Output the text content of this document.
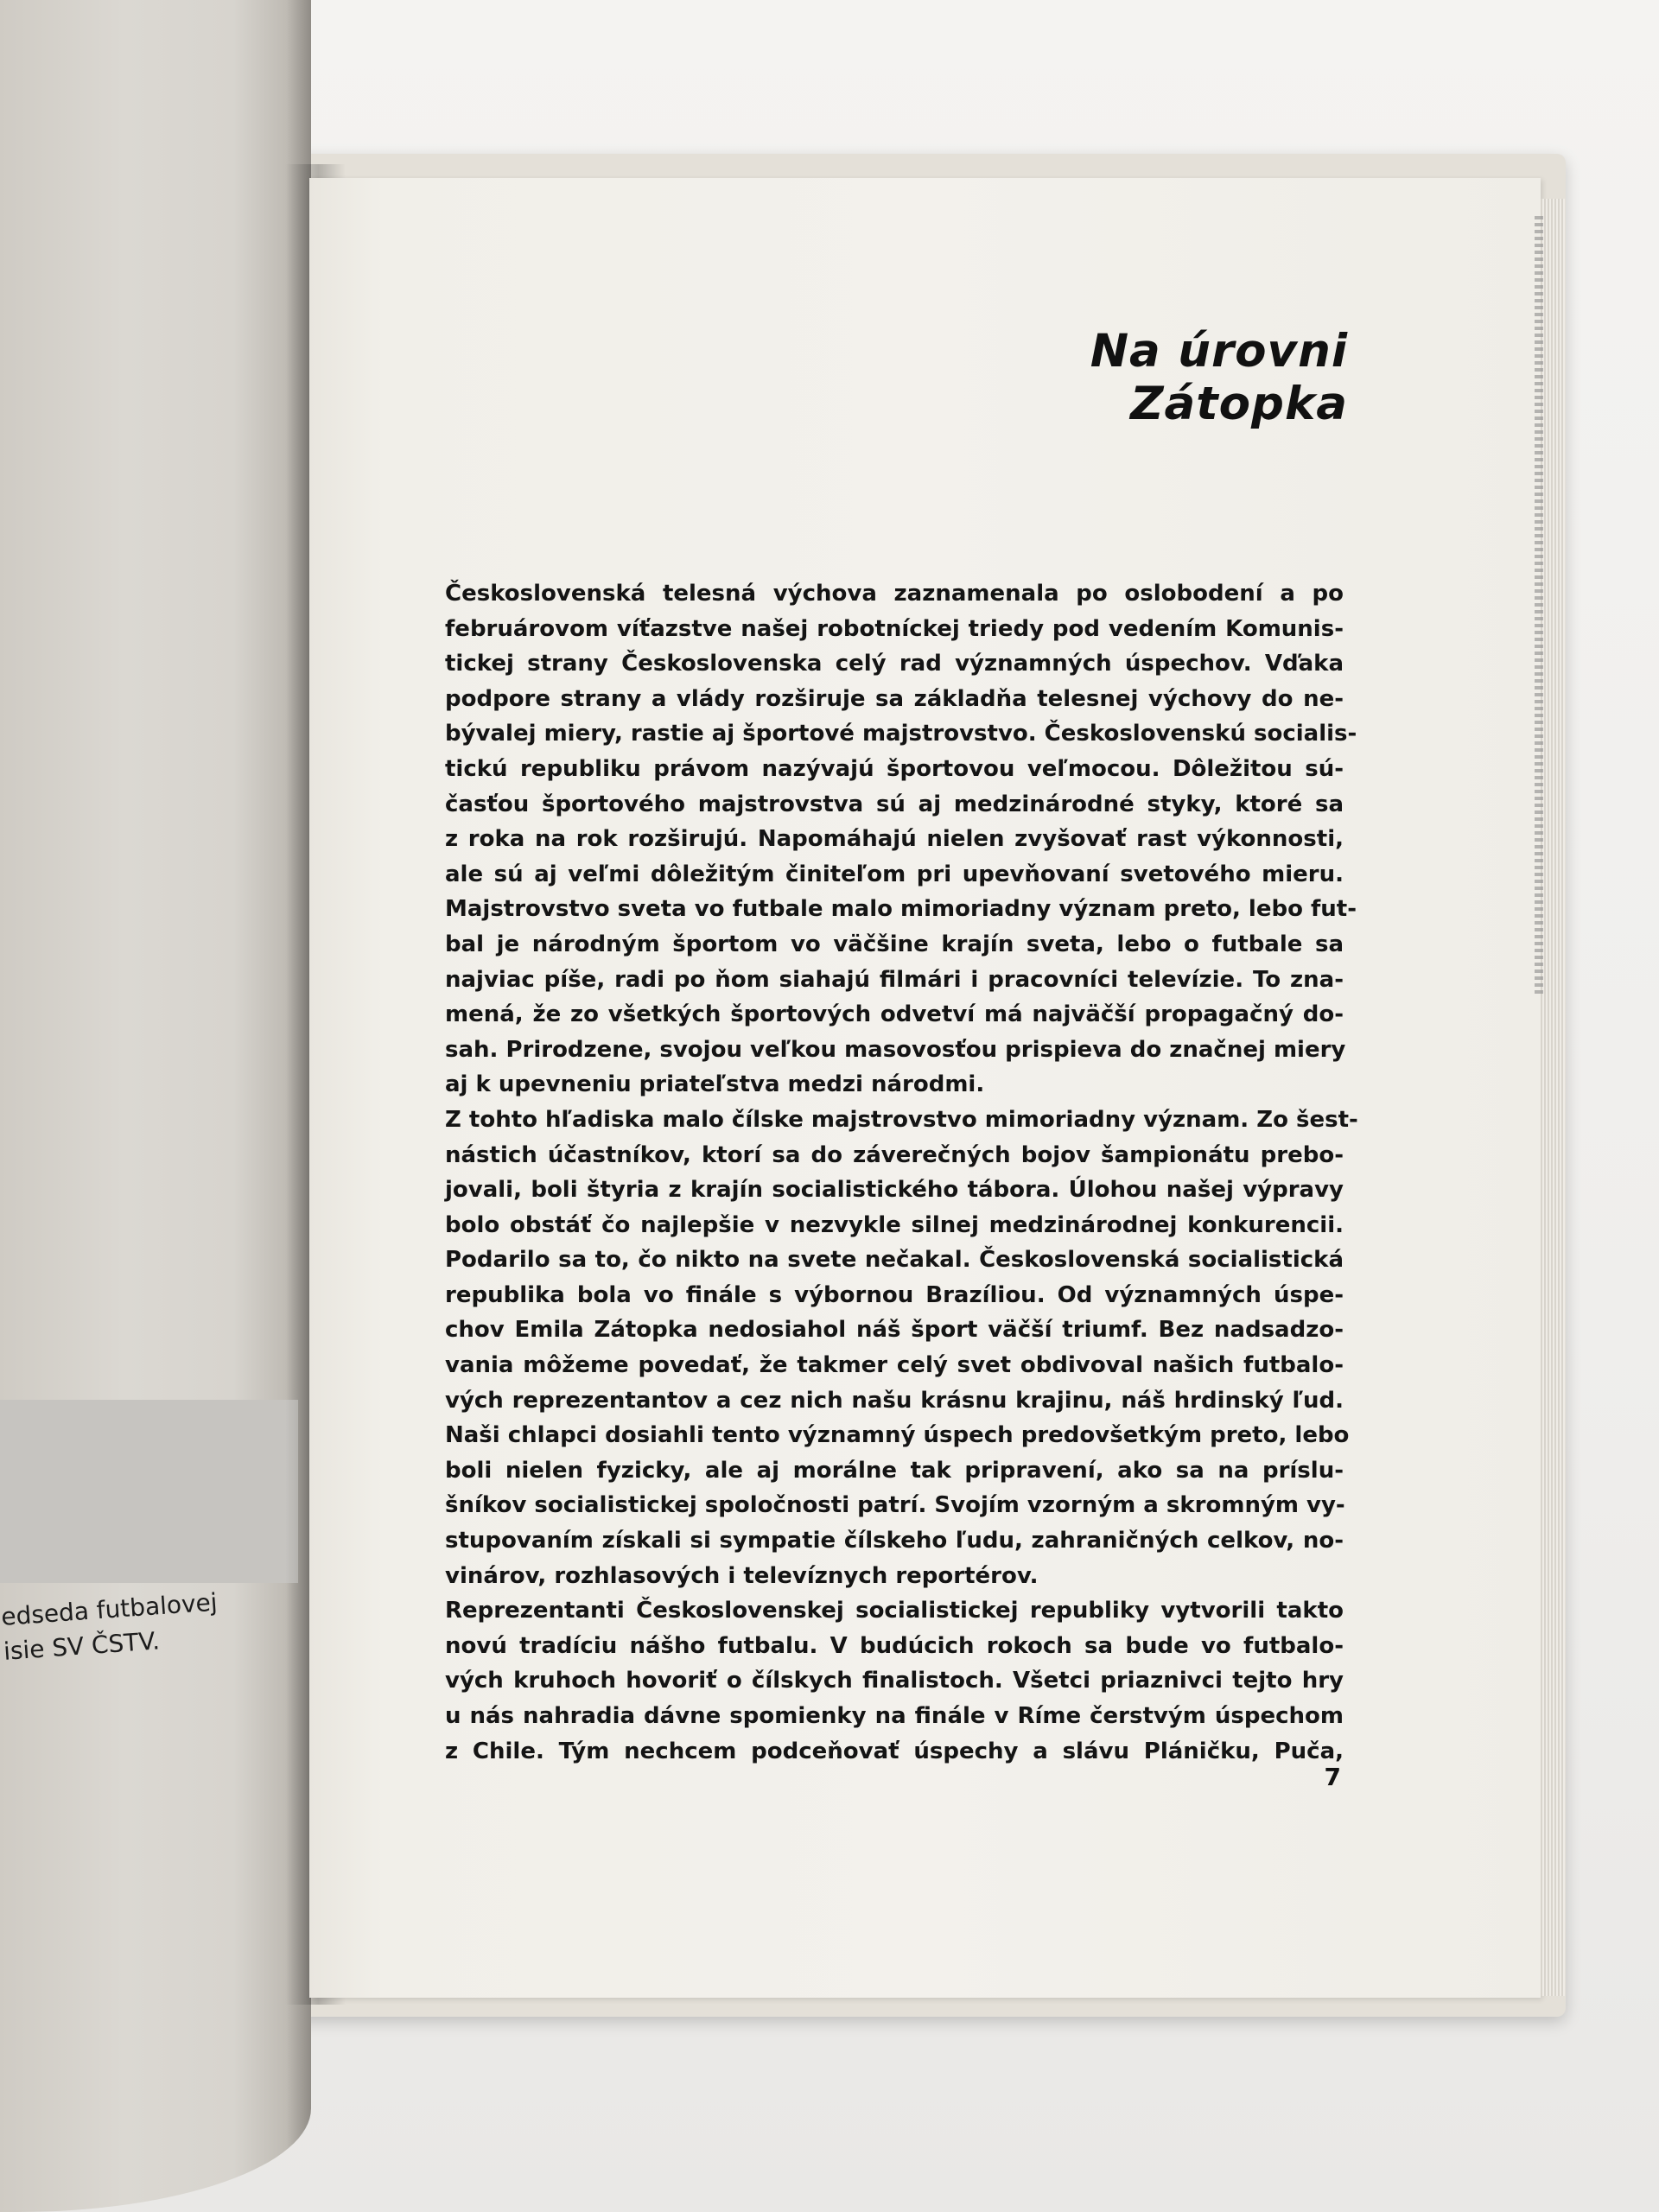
edseda futbalovej
isie SV ČSTV.
Na úrovni Zátopka
Československá telesná výchova zaznamenala po oslobodení a po
februárovom víťazstve našej robotníckej triedy pod vedením Komunis-
tickej strany Československa celý rad významných úspechov. Vďaka
podpore strany a vlády rozširuje sa základňa telesnej výchovy do ne-
bývalej miery, rastie aj športové majstrovstvo. Československú socialis-
tickú republiku právom nazývajú športovou veľmocou. Dôležitou sú-
časťou športového majstrovstva sú aj medzinárodné styky, ktoré sa
z roka na rok rozširujú. Napomáhajú nielen zvyšovať rast výkonnosti,
ale sú aj veľmi dôležitým činiteľom pri upevňovaní svetového mieru.
Majstrovstvo sveta vo futbale malo mimoriadny význam preto, lebo fut-
bal je národným športom vo väčšine krajín sveta, lebo o futbale sa
najviac píše, radi po ňom siahajú filmári i pracovníci televízie. To zna-
mená, že zo všetkých športových odvetví má najväčší propagačný do-
sah. Prirodzene, svojou veľkou masovosťou prispieva do značnej miery
aj k upevneniu priateľstva medzi národmi.
Z tohto hľadiska malo čílske majstrovstvo mimoriadny význam. Zo šest-
nástich účastníkov, ktorí sa do záverečných bojov šampionátu prebo-
jovali, boli štyria z krajín socialistického tábora. Úlohou našej výpravy
bolo obstáť čo najlepšie v nezvykle silnej medzinárodnej konkurencii.
Podarilo sa to, čo nikto na svete nečakal. Československá socialistická
republika bola vo finále s výbornou Brazíliou. Od významných úspe-
chov Emila Zátopka nedosiahol náš šport väčší triumf. Bez nadsadzo-
vania môžeme povedať, že takmer celý svet obdivoval našich futbalo-
vých reprezentantov a cez nich našu krásnu krajinu, náš hrdinský ľud.
Naši chlapci dosiahli tento významný úspech predovšetkým preto, lebo
boli nielen fyzicky, ale aj morálne tak pripravení, ako sa na príslu-
šníkov socialistickej spoločnosti patrí. Svojím vzorným a skromným vy-
stupovaním získali si sympatie čílskeho ľudu, zahraničných celkov, no-
vinárov, rozhlasových i televíznych reportérov.
Reprezentanti Československej socialistickej republiky vytvorili takto
novú tradíciu nášho futbalu. V budúcich rokoch sa bude vo futbalo-
vých kruhoch hovoriť o čílskych finalistoch. Všetci priaznivci tejto hry
u nás nahradia dávne spomienky na finále v Ríme čerstvým úspechom
z Chile. Tým nechcem podceňovať úspechy a slávu Pláničku, Puča,
7
